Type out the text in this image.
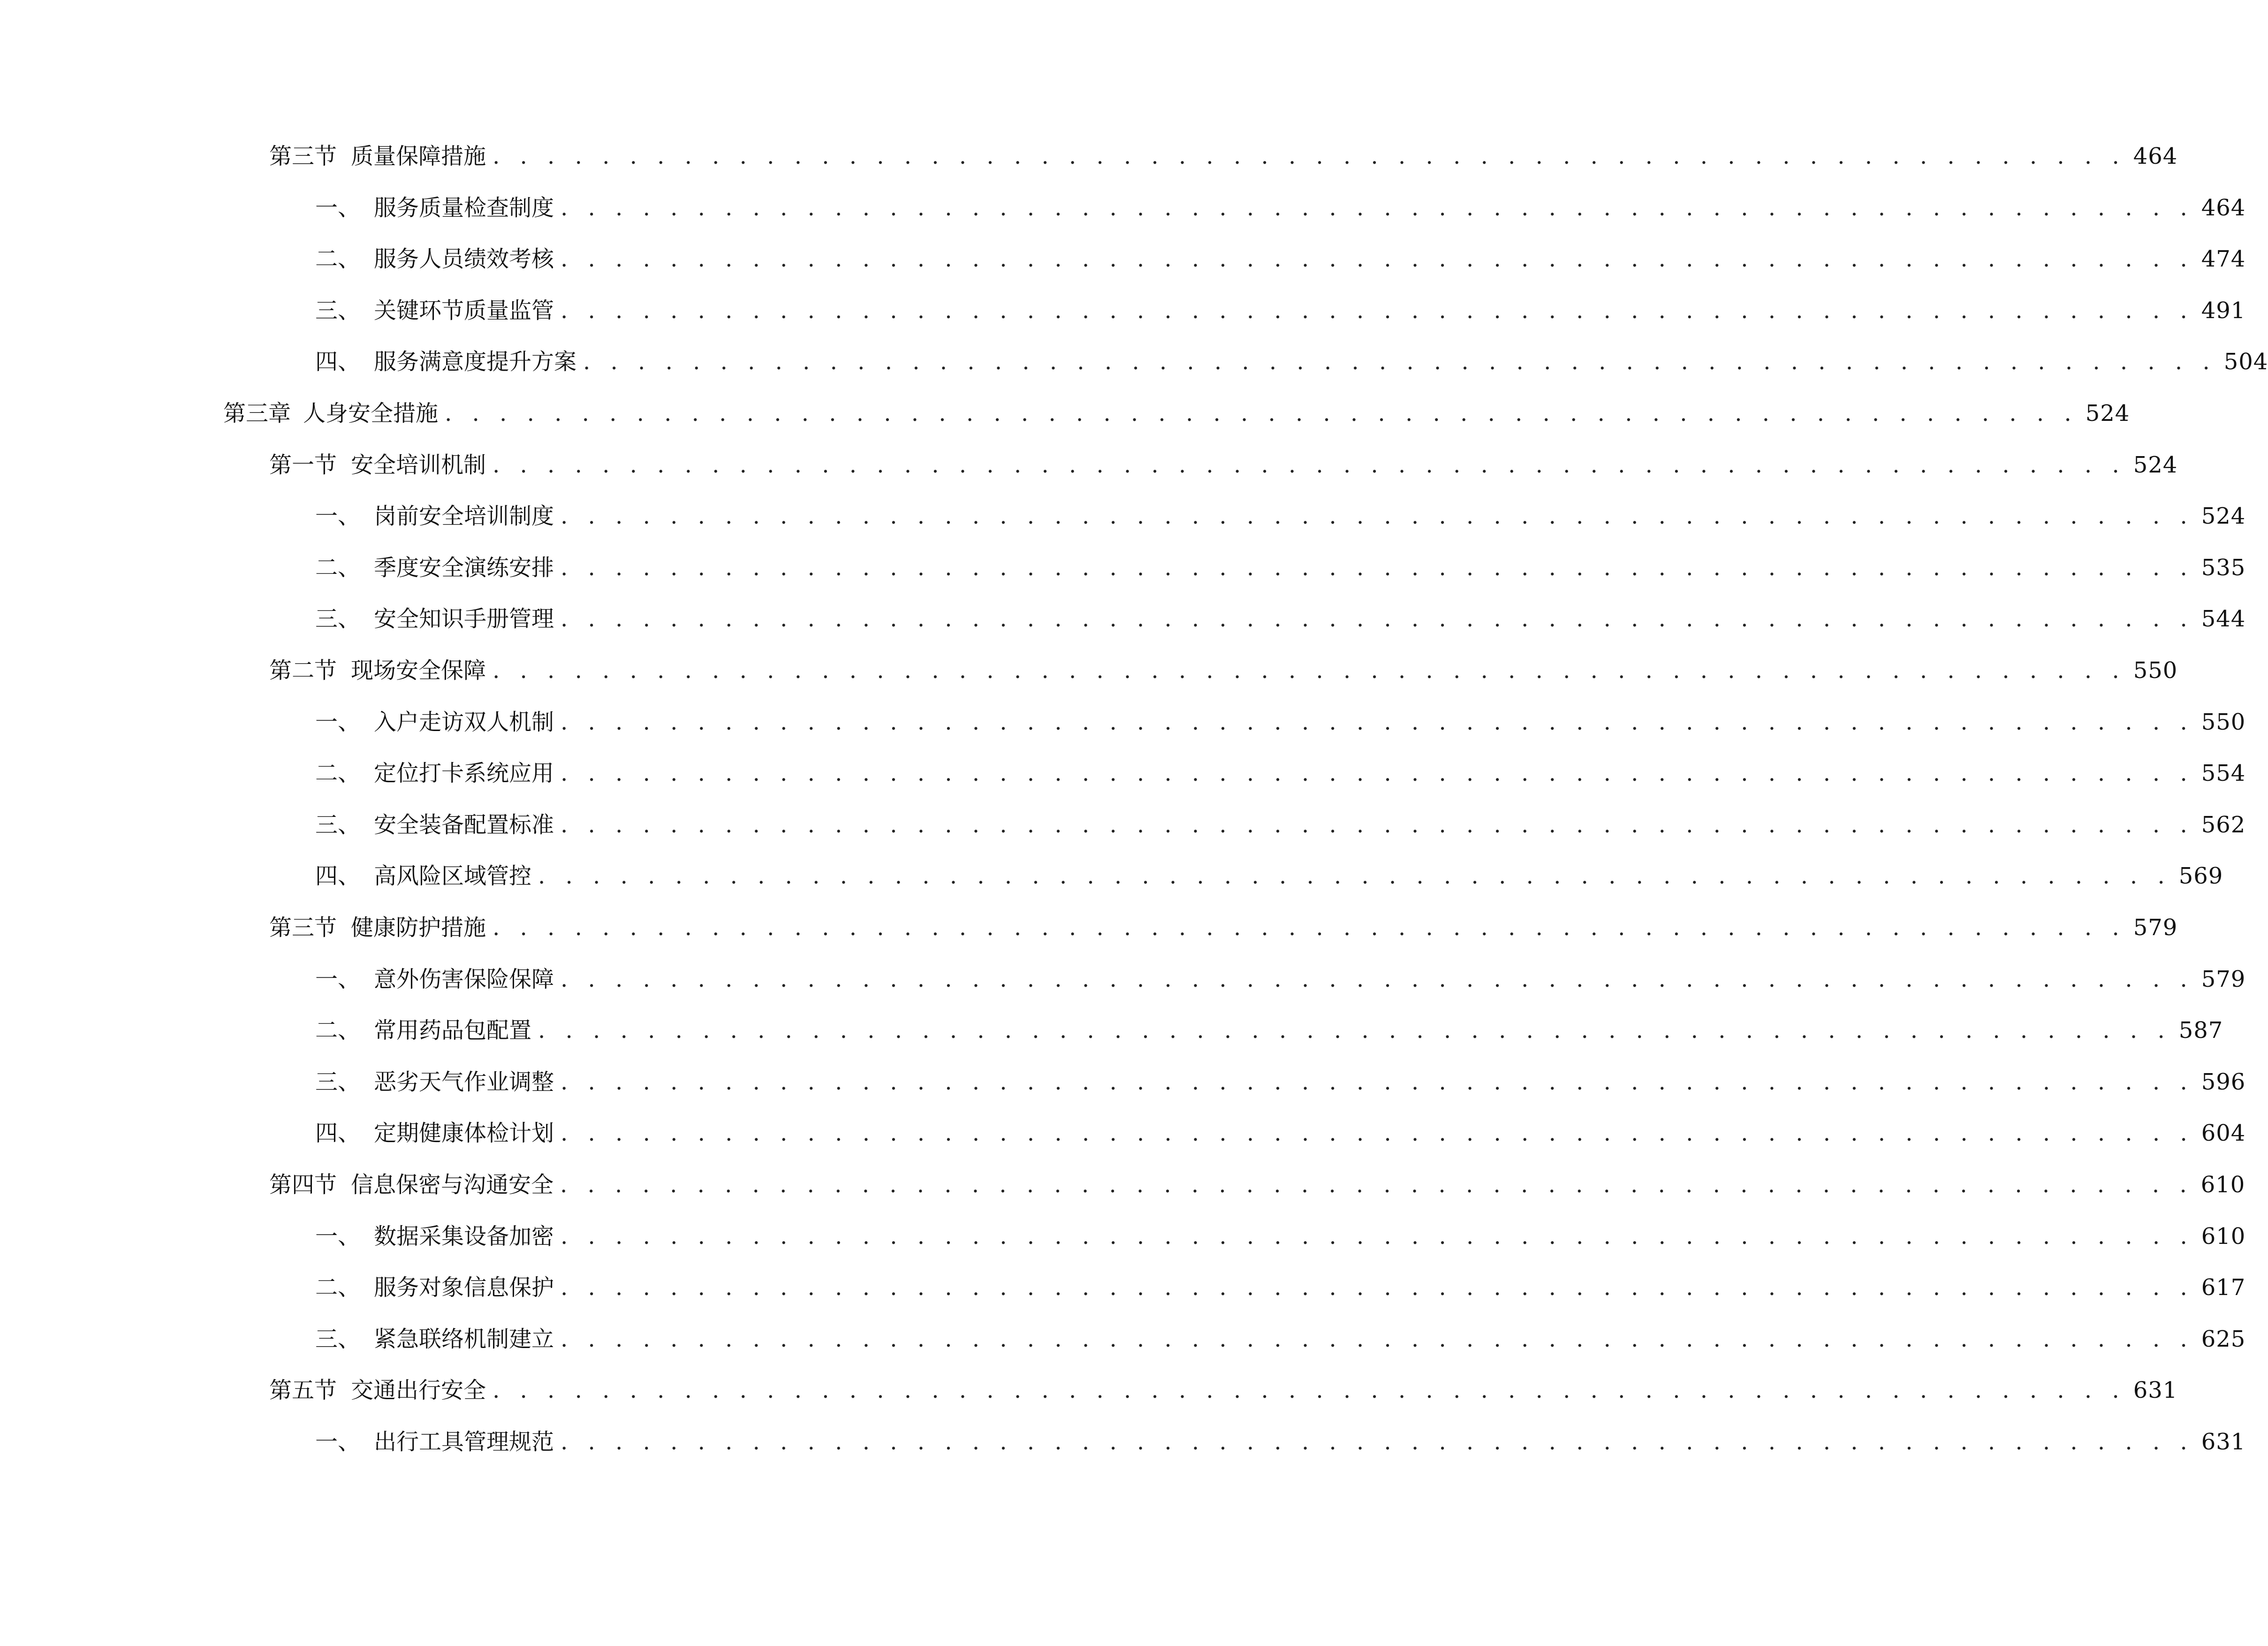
第三节 质量保障措施 . . . . . . . . . . . . . . . . . . . . . . . . . . . . . . . . . . . . . . . . . . . . . . . . . . . . . . . . . . . . 464
一、 服务质量检查制度 . . . . . . . . . . . . . . . . . . . . . . . . . . . . . . . . . . . . . . . . . . . . . . . . . . . . . . . . . . . . 464
二、 服务人员绩效考核 . . . . . . . . . . . . . . . . . . . . . . . . . . . . . . . . . . . . . . . . . . . . . . . . . . . . . . . . . . . . 474
三、 关键环节质量监管 . . . . . . . . . . . . . . . . . . . . . . . . . . . . . . . . . . . . . . . . . . . . . . . . . . . . . . . . . . . . 491
四、 服务满意度提升方案 . . . . . . . . . . . . . . . . . . . . . . . . . . . . . . . . . . . . . . . . . . . . . . . . . . . . . . . . . . . . 504
第三章 人身安全措施 . . . . . . . . . . . . . . . . . . . . . . . . . . . . . . . . . . . . . . . . . . . . . . . . . . . . . . . . . . . . 524
第一节 安全培训机制 . . . . . . . . . . . . . . . . . . . . . . . . . . . . . . . . . . . . . . . . . . . . . . . . . . . . . . . . . . . . 524
一、 岗前安全培训制度 . . . . . . . . . . . . . . . . . . . . . . . . . . . . . . . . . . . . . . . . . . . . . . . . . . . . . . . . . . . . 524
二、 季度安全演练安排 . . . . . . . . . . . . . . . . . . . . . . . . . . . . . . . . . . . . . . . . . . . . . . . . . . . . . . . . . . . . 535
三、 安全知识手册管理 . . . . . . . . . . . . . . . . . . . . . . . . . . . . . . . . . . . . . . . . . . . . . . . . . . . . . . . . . . . . 544
第二节 现场安全保障 . . . . . . . . . . . . . . . . . . . . . . . . . . . . . . . . . . . . . . . . . . . . . . . . . . . . . . . . . . . . 550
一、 入户走访双人机制 . . . . . . . . . . . . . . . . . . . . . . . . . . . . . . . . . . . . . . . . . . . . . . . . . . . . . . . . . . . . 550
二、 定位打卡系统应用 . . . . . . . . . . . . . . . . . . . . . . . . . . . . . . . . . . . . . . . . . . . . . . . . . . . . . . . . . . . . 554
三、 安全装备配置标准 . . . . . . . . . . . . . . . . . . . . . . . . . . . . . . . . . . . . . . . . . . . . . . . . . . . . . . . . . . . . 562
四、 高风险区域管控 . . . . . . . . . . . . . . . . . . . . . . . . . . . . . . . . . . . . . . . . . . . . . . . . . . . . . . . . . . . . 569
第三节 健康防护措施 . . . . . . . . . . . . . . . . . . . . . . . . . . . . . . . . . . . . . . . . . . . . . . . . . . . . . . . . . . . . 579
一、 意外伤害保险保障 . . . . . . . . . . . . . . . . . . . . . . . . . . . . . . . . . . . . . . . . . . . . . . . . . . . . . . . . . . . . 579
二、 常用药品包配置 . . . . . . . . . . . . . . . . . . . . . . . . . . . . . . . . . . . . . . . . . . . . . . . . . . . . . . . . . . . . 587
三、 恶劣天气作业调整 . . . . . . . . . . . . . . . . . . . . . . . . . . . . . . . . . . . . . . . . . . . . . . . . . . . . . . . . . . . . 596
四、 定期健康体检计划 . . . . . . . . . . . . . . . . . . . . . . . . . . . . . . . . . . . . . . . . . . . . . . . . . . . . . . . . . . . . 604
第四节 信息保密与沟通安全 . . . . . . . . . . . . . . . . . . . . . . . . . . . . . . . . . . . . . . . . . . . . . . . . . . . . . . . . . . . . 610
一、 数据采集设备加密 . . . . . . . . . . . . . . . . . . . . . . . . . . . . . . . . . . . . . . . . . . . . . . . . . . . . . . . . . . . . 610
二、 服务对象信息保护 . . . . . . . . . . . . . . . . . . . . . . . . . . . . . . . . . . . . . . . . . . . . . . . . . . . . . . . . . . . . 617
三、 紧急联络机制建立 . . . . . . . . . . . . . . . . . . . . . . . . . . . . . . . . . . . . . . . . . . . . . . . . . . . . . . . . . . . . 625
第五节 交通出行安全 . . . . . . . . . . . . . . . . . . . . . . . . . . . . . . . . . . . . . . . . . . . . . . . . . . . . . . . . . . . . 631
一、 出行工具管理规范 . . . . . . . . . . . . . . . . . . . . . . . . . . . . . . . . . . . . . . . . . . . . . . . . . . . . . . . . . . . . 631
